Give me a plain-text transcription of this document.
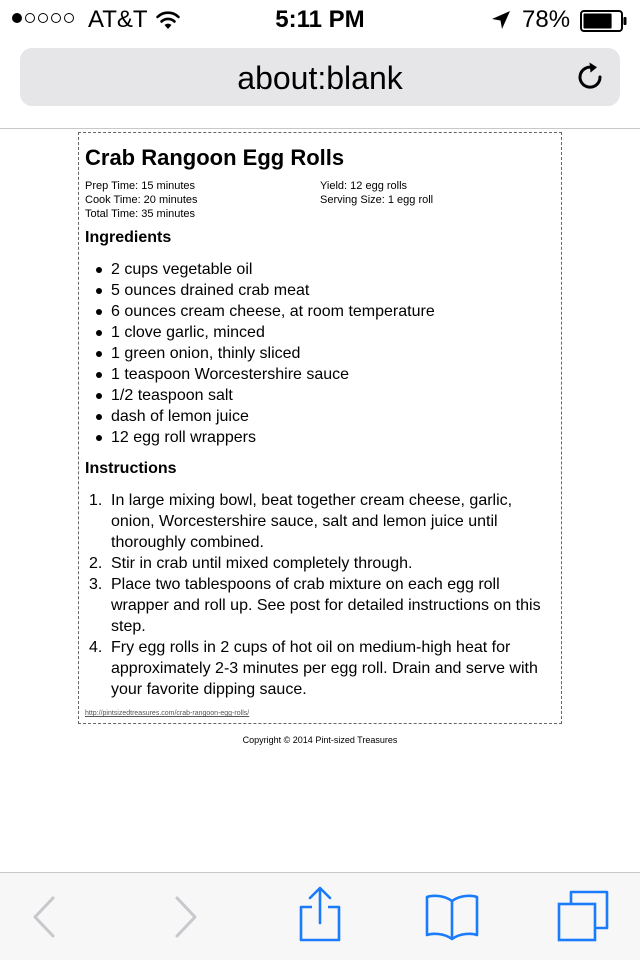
AT&T	5:11 PM	78%
about:blank
Crab Rangoon Egg Rolls
Prep Time: 15 minutes
Cook Time: 20 minutes
Total Time: 35 minutes
Yield: 12 egg rolls
Serving Size: 1 egg roll
Ingredients
2 cups vegetable oil
5 ounces drained crab meat
6 ounces cream cheese, at room temperature
1 clove garlic, minced
1 green onion, thinly sliced
1 teaspoon Worcestershire sauce
1/2 teaspoon salt
dash of lemon juice
12 egg roll wrappers
Instructions
1. In large mixing bowl, beat together cream cheese, garlic, onion, Worcestershire sauce, salt and lemon juice until thoroughly combined.
2. Stir in crab until mixed completely through.
3. Place two tablespoons of crab mixture on each egg roll wrapper and roll up. See post for detailed instructions on this step.
4. Fry egg rolls in 2 cups of hot oil on medium-high heat for approximately 2-3 minutes per egg roll. Drain and serve with your favorite dipping sauce.
http://pintsizedtreasures.com/crab-rangoon-egg-rolls/
Copyright © 2014 Pint-sized Treasures
